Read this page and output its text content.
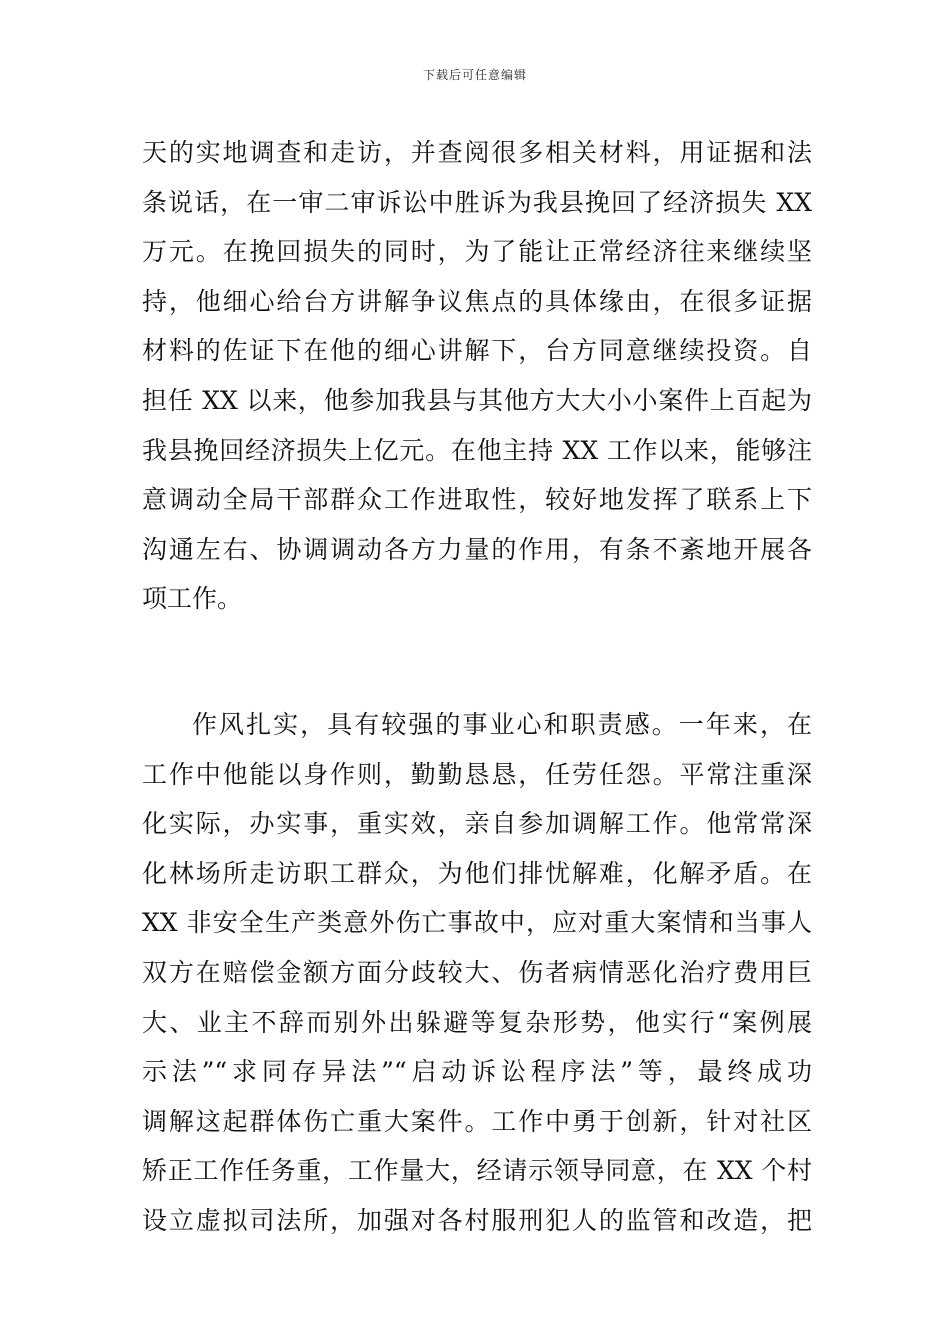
下载后可任意编辑
天的实地调查和走访，并查阅很多相关材料，用证据和法
条说话，在一审二审诉讼中胜诉为我县挽回了经济损失 XX
万元。在挽回损失的同时，为了能让正常经济往来继续坚
持，他细心给台方讲解争议焦点的具体缘由，在很多证据
材料的佐证下在他的细心讲解下，台方同意继续投资。自
担任 XX 以来，他参加我县与其他方大大小小案件上百起为
我县挽回经济损失上亿元。在他主持 XX 工作以来，能够注
意调动全局干部群众工作进取性，较好地发挥了联系上下
沟通左右、协调调动各方力量的作用，有条不紊地开展各
项工作。
作风扎实，具有较强的事业心和职责感。一年来，在
工作中他能以身作则，勤勤恳恳，任劳任怨。平常注重深
化实际，办实事，重实效，亲自参加调解工作。他常常深
化林场所走访职工群众，为他们排忧解难，化解矛盾。在
XX 非安全生产类意外伤亡事故中，应对重大案情和当事人
双方在赔偿金额方面分歧较大、伤者病情恶化治疗费用巨
大、业主不辞而别外出躲避等复杂形势，他实行“案例展
示法”“求同存异法”“启动诉讼程序法”等，最终成功
调解这起群体伤亡重大案件。工作中勇于创新，针对社区
矫正工作任务重，工作量大，经请示领导同意，在 XX 个村
设立虚拟司法所，加强对各村服刑犯人的监管和改造，把
